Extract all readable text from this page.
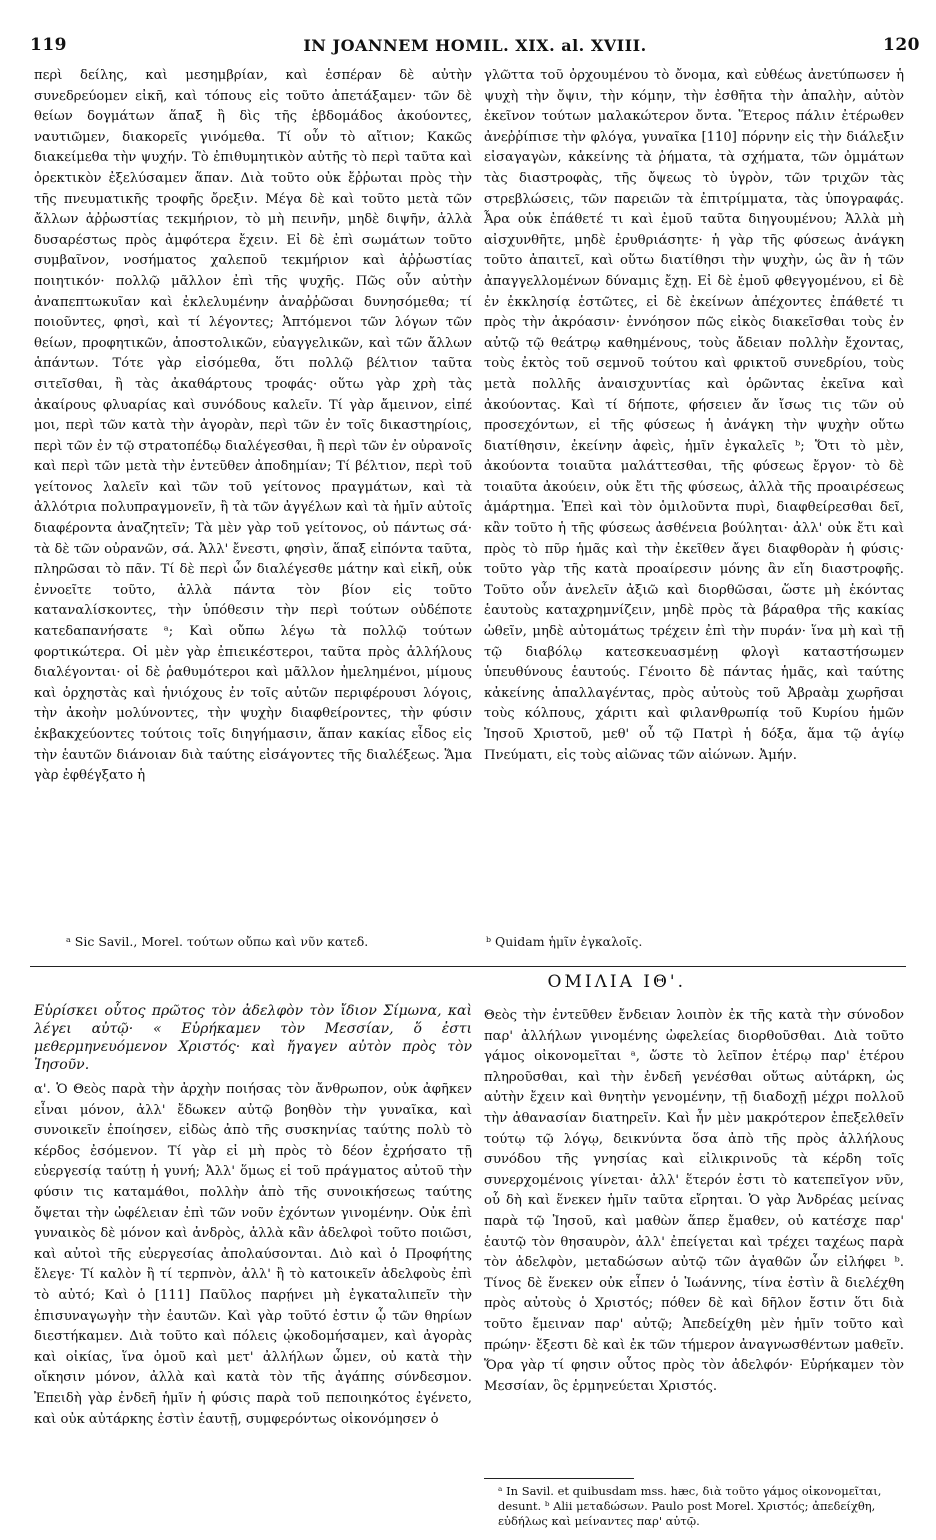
119	IN JOANNEM HOMIL. XIX. al. XVIII.	120

περὶ δείλης, καὶ μεσημβρίαν, καὶ ἑσπέραν δὲ αὐτὴν συνεδρεύομεν εἰκῆ, καὶ τόπους εἰς τοῦτο ἀπετάξαμεν· τῶν δὲ θείων δογμάτων ἅπαξ ἢ δὶς τῆς ἑβδομάδος ἀκούοντες, ναυτιῶμεν, διακορεῖς γινόμεθα. Τί οὖν τὸ αἴτιον; Κακῶς διακείμεθα τὴν ψυχήν. Τὸ ἐπιθυμητικὸν αὐτῆς τὸ περὶ ταῦτα καὶ ὀρεκτικὸν ἐξελύσαμεν ἅπαν. Διὰ τοῦτο οὐκ ἔῤῥωται πρὸς τὴν τῆς πνευματικῆς τροφῆς ὄρεξιν. Μέγα δὲ καὶ τοῦτο μετὰ τῶν ἄλλων ἀῤῥωστίας τεκμήριον, τὸ μὴ πεινῆν, μηδὲ διψῆν, ἀλλὰ δυσαρέστως πρὸς ἀμφότερα ἔχειν. Εἰ δὲ ἐπὶ σωμάτων τοῦτο συμβαῖνον, νοσήματος χαλεποῦ τεκμήριον καὶ ἀῤῥωστίας ποιητικόν· πολλῷ μᾶλλον ἐπὶ τῆς ψυχῆς. Πῶς οὖν αὐτὴν ἀναπεπτωκυῖαν καὶ ἐκλελυμένην ἀναῤῥῶσαι δυνησόμεθα; τί ποιοῦντες, φησὶ, καὶ τί λέγοντες; Ἁπτόμενοι τῶν λόγων τῶν θείων, προφητικῶν, ἀποστολικῶν, εὐαγγελικῶν, καὶ τῶν ἄλλων ἁπάντων. Τότε γὰρ εἰσόμεθα, ὅτι πολλῷ βέλτιον ταῦτα σιτεῖσθαι, ἢ τὰς ἀκαθάρτους τροφάς· οὕτω γὰρ χρὴ τὰς ἀκαίρους φλυαρίας καὶ συνόδους καλεῖν. Τί γὰρ ἄμεινον, εἰπέ μοι, περὶ τῶν κατὰ τὴν ἀγορὰν, περὶ τῶν ἐν τοῖς δικαστηρίοις, περὶ τῶν ἐν τῷ στρατοπέδῳ διαλέγεσθαι, ἢ περὶ τῶν ἐν οὐρανοῖς καὶ περὶ τῶν μετὰ τὴν ἐντεῦθεν ἀποδημίαν; Τί βέλτιον, περὶ τοῦ γείτονος λαλεῖν καὶ τῶν τοῦ γείτονος πραγμάτων, καὶ τὰ ἀλλότρια πολυπραγμονεῖν, ἢ τὰ τῶν ἀγγέλων καὶ τὰ ἡμῖν αὐτοῖς διαφέροντα ἀναζητεῖν; Τὰ μὲν γὰρ τοῦ γείτονος, οὐ πάντως σά· τὰ δὲ τῶν οὐρανῶν, σά. Ἀλλ' ἔνεστι, φησὶν, ἅπαξ εἰπόντα ταῦτα, πληρῶσαι τὸ πᾶν. Τί δὲ περὶ ὧν διαλέγεσθε μάτην καὶ εἰκῆ, οὐκ ἐννοεῖτε τοῦτο, ἀλλὰ πάντα τὸν βίον εἰς τοῦτο καταναλίσκοντες, τὴν ὑπόθεσιν τὴν περὶ τούτων οὐδέποτε κατεδαπανήσατε ᵃ; Καὶ οὔπω λέγω τὰ πολλῷ τούτων φορτικώτερα. Οἱ μὲν γὰρ ἐπιεικέστεροι, ταῦτα πρὸς ἀλλήλους διαλέγονται· οἱ δὲ ῥαθυμότεροι καὶ μᾶλλον ἠμελημένοι, μίμους καὶ ὀρχηστὰς καὶ ἡνιόχους ἐν τοῖς αὐτῶν περιφέρουσι λόγοις, τὴν ἀκοὴν μολύνοντες, τὴν ψυχὴν διαφθείροντες, τὴν φύσιν ἐκβακχεύοντες τούτοις τοῖς διηγήμασιν, ἅπαν κακίας εἶδος εἰς τὴν ἑαυτῶν διάνοιαν διὰ ταύτης εἰσάγοντες τῆς διαλέξεως. Ἅμα γὰρ ἐφθέγξατο ἡ

γλῶττα τοῦ ὀρχουμένου τὸ ὄνομα, καὶ εὐθέως ἀνετύπωσεν ἡ ψυχὴ τὴν ὄψιν, τὴν κόμην, τὴν ἐσθῆτα τὴν ἁπαλὴν, αὐτὸν ἐκεῖνον τούτων μαλακώτερον ὄντα. Ἕτερος πάλιν ἐτέρωθεν ἀνεῤῥίπισε τὴν φλόγα, γυναῖκα [110] πόρνην εἰς τὴν διάλεξιν εἰσαγαγὼν, κἀκείνης τὰ ῥήματα, τὰ σχήματα, τῶν ὀμμάτων τὰς διαστροφὰς, τῆς ὄψεως τὸ ὑγρὸν, τῶν τριχῶν τὰς στρεβλώσεις, τῶν παρειῶν τὰ ἐπιτρίμματα, τὰς ὑπογραφάς. Ἆρα οὐκ ἐπάθετέ τι καὶ ἐμοῦ ταῦτα διηγουμένου; Ἀλλὰ μὴ αἰσχυνθῆτε, μηδὲ ἐρυθριάσητε· ἡ γὰρ τῆς φύσεως ἀνάγκη τοῦτο ἀπαιτεῖ, καὶ οὕτω διατίθησι τὴν ψυχὴν, ὡς ἂν ἡ τῶν ἀπαγγελλομένων δύναμις ἔχῃ. Εἰ δὲ ἐμοῦ φθεγγομένου, εἰ δὲ ἐν ἐκκλησίᾳ ἑστῶτες, εἰ δὲ ἐκείνων ἀπέχοντες ἐπάθετέ τι πρὸς τὴν ἀκρόασιν· ἐννόησον πῶς εἰκὸς διακεῖσθαι τοὺς ἐν αὐτῷ τῷ θεάτρῳ καθημένους, τοὺς ἄδειαν πολλὴν ἔχοντας, τοὺς ἐκτὸς τοῦ σεμνοῦ τούτου καὶ φρικτοῦ συνεδρίου, τοὺς μετὰ πολλῆς ἀναισχυντίας καὶ ὁρῶντας ἐκεῖνα καὶ ἀκούοντας. Καὶ τί δήποτε, φήσειεν ἄν ἴσως τις τῶν οὐ προσεχόντων, εἰ τῆς φύσεως ἡ ἀνάγκη τὴν ψυχὴν οὕτω διατίθησιν, ἐκείνην ἀφεὶς, ἡμῖν ἐγκαλεῖς ᵇ; Ὅτι τὸ μὲν, ἀκούοντα τοιαῦτα μαλάττεσθαι, τῆς φύσεως ἔργον· τὸ δὲ τοιαῦτα ἀκούειν, οὐκ ἔτι τῆς φύσεως, ἀλλὰ τῆς προαιρέσεως ἁμάρτημα. Ἐπεὶ καὶ τὸν ὁμιλοῦντα πυρὶ, διαφθείρεσθαι δεῖ, κἂν τοῦτο ἡ τῆς φύσεως ἀσθένεια βούληται· ἀλλ' οὐκ ἔτι καὶ πρὸς τὸ πῦρ ἡμᾶς καὶ τὴν ἐκεῖθεν ἄγει διαφθορὰν ἡ φύσις· τοῦτο γὰρ τῆς κατὰ προαίρεσιν μόνης ἂν εἴη διαστροφῆς. Τοῦτο οὖν ἀνελεῖν ἀξιῶ καὶ διορθῶσαι, ὥστε μὴ ἑκόντας ἑαυτοὺς καταχρημνίζειν, μηδὲ πρὸς τὰ βάραθρα τῆς κακίας ὠθεῖν, μηδὲ αὐτομάτως τρέχειν ἐπὶ τὴν πυράν· ἵνα μὴ καὶ τῇ τῷ διαβόλῳ κατεσκευασμένῃ φλογὶ καταστήσωμεν ὑπευθύνους ἑαυτούς. Γένοιτο δὲ πάντας ἡμᾶς, καὶ ταύτης κἀκείνης ἀπαλλαγέντας, πρὸς αὐτοὺς τοῦ Ἀβραὰμ χωρῆσαι τοὺς κόλπους, χάριτι καὶ φιλανθρωπίᾳ τοῦ Κυρίου ἡμῶν Ἰησοῦ Χριστοῦ, μεθ' οὗ τῷ Πατρὶ ἡ δόξα, ἅμα τῷ ἁγίῳ Πνεύματι, εἰς τοὺς αἰῶνας τῶν αἰώνων. Ἀμήν.

ᵃ Sic Savil., Morel. τούτων οὔπω καὶ νῦν κατεδ.	ᵇ Quidam ἡμῖν ἐγκαλοῖς.
ΟΜΙΛΙΑ ΙΘ'.

Εὑρίσκει οὗτος πρῶτος τὸν ἀδελφὸν τὸν ἴδιον Σίμωνα, καὶ λέγει αὐτῷ· « Εὑρήκαμεν τὸν Μεσσίαν, ὅ ἐστι μεθερμηνευόμενον Χριστός· καὶ ἤγαγεν αὐτὸν πρὸς τὸν Ἰησοῦν.

α'. Ὁ Θεὸς παρὰ τὴν ἀρχὴν ποιήσας τὸν ἄνθρωπον, οὐκ ἀφῆκεν εἶναι μόνον, ἀλλ' ἔδωκεν αὐτῷ βοηθὸν τὴν γυναῖκα, καὶ συνοικεῖν ἐποίησεν, εἰδὼς ἀπὸ τῆς συσκηνίας ταύτης πολὺ τὸ κέρδος ἐσόμενον. Τί γὰρ εἰ μὴ πρὸς τὸ δέον ἐχρήσατο τῇ εὐεργεσίᾳ ταύτῃ ἡ γυνή; Ἀλλ' ὅμως εἰ τοῦ πράγματος αὐτοῦ τὴν φύσιν τις καταμάθοι, πολλὴν ἀπὸ τῆς συνοικήσεως ταύτης ὄψεται τὴν ὠφέλειαν ἐπὶ τῶν νοῦν ἐχόντων γινομένην. Οὐκ ἐπὶ γυναικὸς δὲ μόνον καὶ ἀνδρὸς, ἀλλὰ κἂν ἀδελφοὶ τοῦτο ποιῶσι, καὶ αὐτοὶ τῆς εὐεργεσίας ἀπολαύσονται. Διὸ καὶ ὁ Προφήτης ἔλεγε· Τί καλὸν ἢ τί τερπνὸν, ἀλλ' ἢ τὸ κατοικεῖν ἀδελφοὺς ἐπὶ τὸ αὐτό; Καὶ ὁ [111] Παῦλος παρῄνει μὴ ἐγκαταλιπεῖν τὴν ἐπισυναγωγὴν τὴν ἑαυτῶν. Καὶ γὰρ τοῦτό ἐστιν ᾧ τῶν θηρίων διεστήκαμεν. Διὰ τοῦτο καὶ πόλεις ᾠκοδομήσαμεν, καὶ ἀγορὰς καὶ οἰκίας, ἵνα ὁμοῦ καὶ μετ' ἀλλήλων ὦμεν, οὐ κατὰ τὴν οἴκησιν μόνον, ἀλλὰ καὶ κατὰ τὸν τῆς ἀγάπης σύνδεσμον. Ἐπειδὴ γὰρ ἐνδεῆ ἡμῖν ἡ φύσις παρὰ τοῦ πεποιηκότος ἐγένετο, καὶ οὐκ αὐτάρκης ἐστὶν ἑαυτῇ, συμφερόντως οἰκονόμησεν ὁ

Θεὸς τὴν ἐντεῦθεν ἔνδειαν λοιπὸν ἐκ τῆς κατὰ τὴν σύνοδον παρ' ἀλλήλων γινομένης ὠφελείας διορθοῦσθαι. Διὰ τοῦτο γάμος οἰκονομεῖται ᵃ, ὥστε τὸ λεῖπον ἑτέρῳ παρ' ἑτέρου πληροῦσθαι, καὶ τὴν ἐνδεῆ γενέσθαι οὕτως αὐτάρκη, ὡς αὐτὴν ἔχειν καὶ θνητὴν γενομένην, τῇ διαδοχῇ μέχρι πολλοῦ τὴν ἀθανασίαν διατηρεῖν. Καὶ ἦν μὲν μακρότερον ἐπεξελθεῖν τούτῳ τῷ λόγῳ, δεικνύντα ὅσα ἀπὸ τῆς πρὸς ἀλλήλους συνόδου τῆς γνησίας καὶ εἰλικρινοῦς τὰ κέρδη τοῖς συνερχομένοις γίνεται· ἀλλ' ἕτερόν ἐστι τὸ κατεπεῖγον νῦν, οὗ δὴ καὶ ἕνεκεν ἡμῖν ταῦτα εἴρηται. Ὁ γὰρ Ἀνδρέας μείνας παρὰ τῷ Ἰησοῦ, καὶ μαθὼν ἅπερ ἔμαθεν, οὐ κατέσχε παρ' ἑαυτῷ τὸν θησαυρὸν, ἀλλ' ἐπείγεται καὶ τρέχει ταχέως παρὰ τὸν ἀδελφὸν, μεταδώσων αὐτῷ τῶν ἀγαθῶν ὧν εἰλήφει ᵇ. Τίνος δὲ ἕνεκεν οὐκ εἶπεν ὁ Ἰωάννης, τίνα ἐστὶν ἃ διελέχθη πρὸς αὐτοὺς ὁ Χριστός; πόθεν δὲ καὶ δῆλον ἔστιν ὅτι διὰ τοῦτο ἔμειναν παρ' αὐτῷ; Ἀπεδείχθη μὲν ἡμῖν τοῦτο καὶ πρώην· ἔξεστι δὲ καὶ ἐκ τῶν τήμερον ἀναγνωσθέντων μαθεῖν. Ὅρα γὰρ τί φησιν οὗτος πρὸς τὸν ἀδελφόν· Εὑρήκαμεν τὸν Μεσσίαν, ὃς ἑρμηνεύεται Χριστός.

ᵃ In Savil. et quibusdam mss. hæc, διὰ τοῦτο γάμος οἰκονομεῖται, desunt. ᵇ Alii μεταδώσων. Paulo post Morel. Χριστός; ἀπεδείχθη, εὐδήλως καὶ μείναντες παρ' αὐτῷ.
